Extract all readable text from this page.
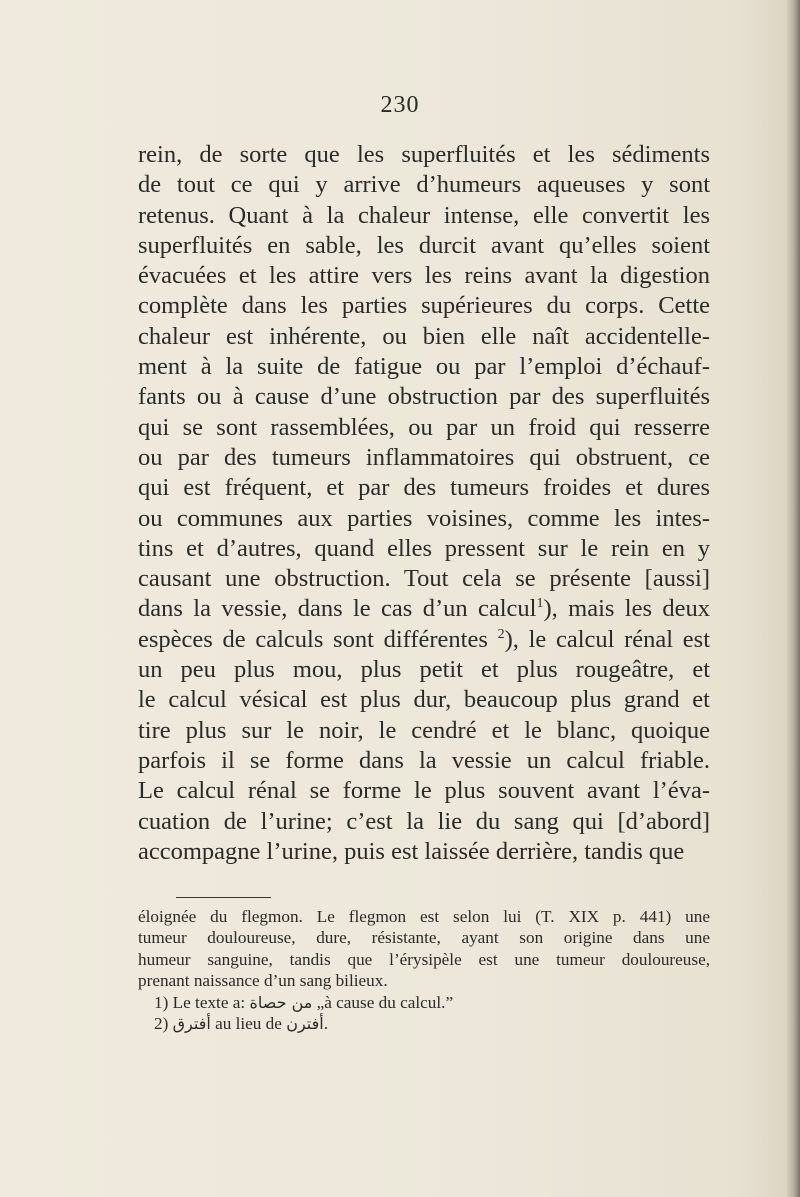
230
rein, de sorte que les superfluités et les sédiments
de tout ce qui y arrive d’humeurs aqueuses y sont
retenus. Quant à la chaleur intense, elle convertit les
superfluités en sable, les durcit avant qu’elles soient
évacuées et les attire vers les reins avant la digestion
complète dans les parties supérieures du corps. Cette
chaleur est inhérente, ou bien elle naît accidentelle-
ment à la suite de fatigue ou par l’emploi d’échauf-
fants ou à cause d’une obstruction par des superfluités
qui se sont rassemblées, ou par un froid qui resserre
ou par des tumeurs inflammatoires qui obstruent, ce
qui est fréquent, et par des tumeurs froides et dures
ou communes aux parties voisines, comme les intes-
tins et d’autres, quand elles pressent sur le rein en y
causant une obstruction. Tout cela se présente [aussi]
dans la vessie, dans le cas d’un calcul$^1$), mais les deux
espèces de calculs sont différentes $^2$), le calcul rénal est
un peu plus mou, plus petit et plus rougeâtre, et
le calcul vésical est plus dur, beaucoup plus grand et
tire plus sur le noir, le cendré et le blanc, quoique
parfois il se forme dans la vessie un calcul friable.
Le calcul rénal se forme le plus souvent avant l’éva-
cuation de l’urine; c’est la lie du sang qui [d’abord]
accompagne l’urine, puis est laissée derrière, tandis que
éloignée du flegmon. Le flegmon est selon lui (T. XIX p. 441) une
tumeur douloureuse, dure, résistante, ayant son origine dans une
humeur sanguine, tandis que l’érysipèle est une tumeur douloureuse,
prenant naissance d’un sang bilieux.
1) Le texte a: من حصاة „à cause du calcul.”
2) أفترق au lieu de أفترن.
